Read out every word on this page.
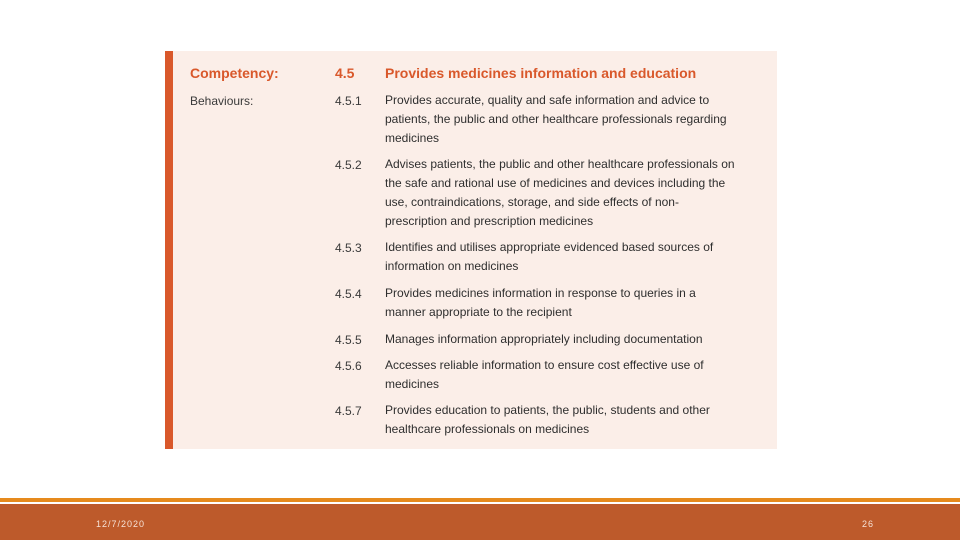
Competency:	4.5 Provides medicines information and education
Behaviours:	4.5.1 Provides accurate, quality and safe information and advice to patients, the public and other healthcare professionals regarding medicines
4.5.2 Advises patients, the public and other healthcare professionals on the safe and rational use of medicines and devices including the use, contraindications, storage, and side effects of non-prescription and prescription medicines
4.5.3 Identifies and utilises appropriate evidenced based sources of information on medicines
4.5.4 Provides medicines information in response to queries in a manner appropriate to the recipient
4.5.5 Manages information appropriately including documentation
4.5.6 Accesses reliable information to ensure cost effective use of medicines
4.5.7 Provides education to patients, the public, students and other healthcare professionals on medicines
12/7/2020	26
